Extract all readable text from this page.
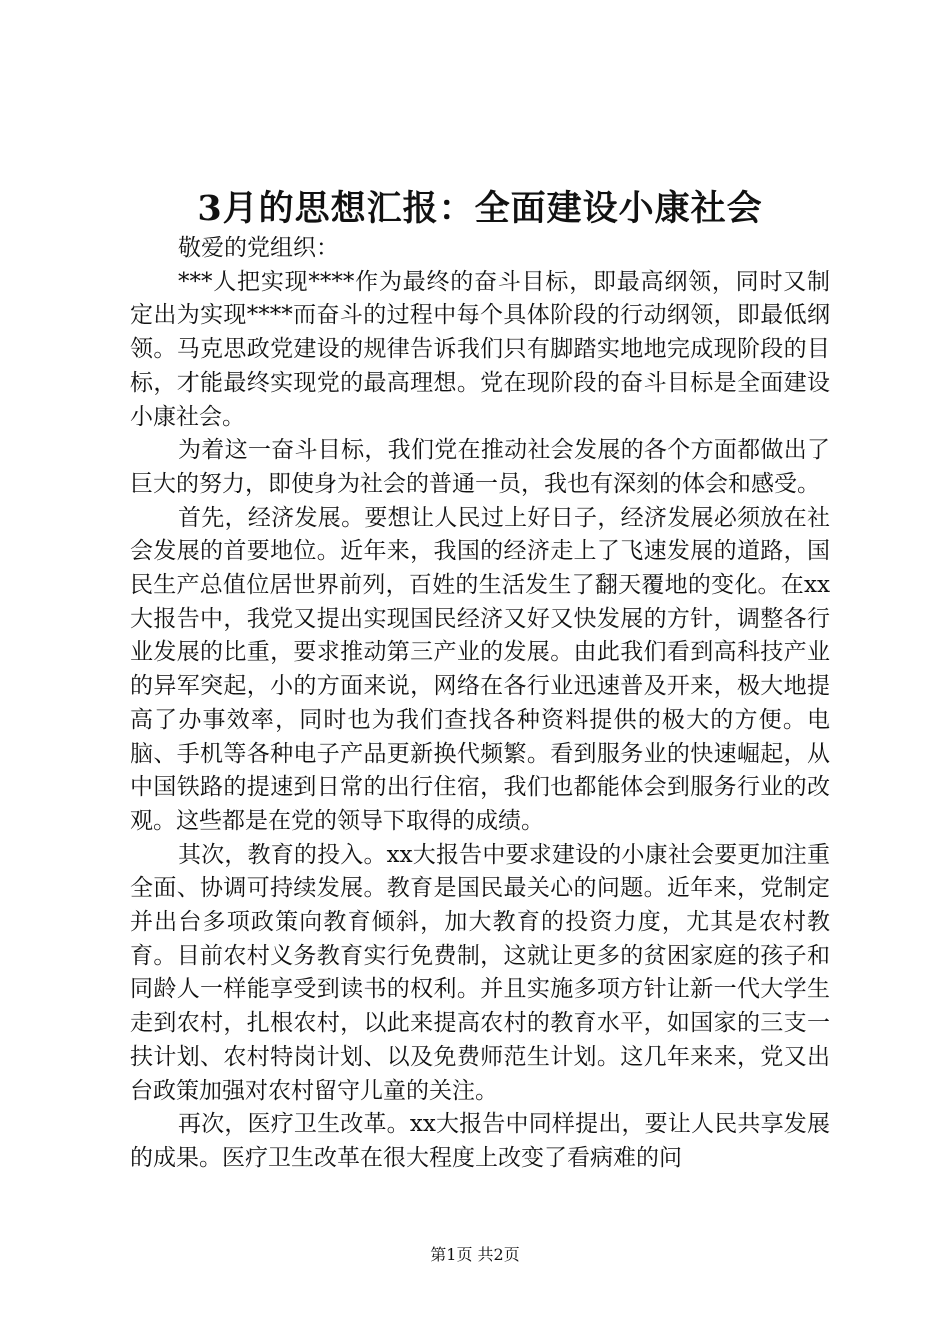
3月的思想汇报：全面建设小康社会

敬爱的党组织：

***人把实现****作为最终的奋斗目标，即最高纲领，同时又制定出为实现****而奋斗的过程中每个具体阶段的行动纲领，即最低纲领。马克思政党建设的规律告诉我们只有脚踏实地地完成现阶段的目标，才能最终实现党的最高理想。党在现阶段的奋斗目标是全面建设小康社会。

为着这一奋斗目标，我们党在推动社会发展的各个方面都做出了巨大的努力，即使身为社会的普通一员，我也有深刻的体会和感受。

首先，经济发展。要想让人民过上好日子，经济发展必须放在社会发展的首要地位。近年来，我国的经济走上了飞速发展的道路，国民生产总值位居世界前列，百姓的生活发生了翻天覆地的变化。在xx大报告中，我党又提出实现国民经济又好又快发展的方针，调整各行业发展的比重，要求推动第三产业的发展。由此我们看到高科技产业的异军突起，小的方面来说，网络在各行业迅速普及开来，极大地提高了办事效率，同时也为我们查找各种资料提供的极大的方便。电脑、手机等各种电子产品更新换代频繁。看到服务业的快速崛起，从中国铁路的提速到日常的出行住宿，我们也都能体会到服务行业的改观。这些都是在党的领导下取得的成绩。

其次，教育的投入。xx大报告中要求建设的小康社会要更加注重全面、协调可持续发展。教育是国民最关心的问题。近年来，党制定并出台多项政策向教育倾斜，加大教育的投资力度，尤其是农村教育。目前农村义务教育实行免费制，这就让更多的贫困家庭的孩子和同龄人一样能享受到读书的权利。并且实施多项方针让新一代大学生走到农村，扎根农村，以此来提高农村的教育水平，如国家的三支一扶计划、农村特岗计划、以及免费师范生计划。这几年来来，党又出台政策加强对农村留守儿童的关注。

再次，医疗卫生改革。xx大报告中同样提出，要让人民共享发展的成果。医疗卫生改革在很大程度上改变了看病难的问

第1页 共2页
